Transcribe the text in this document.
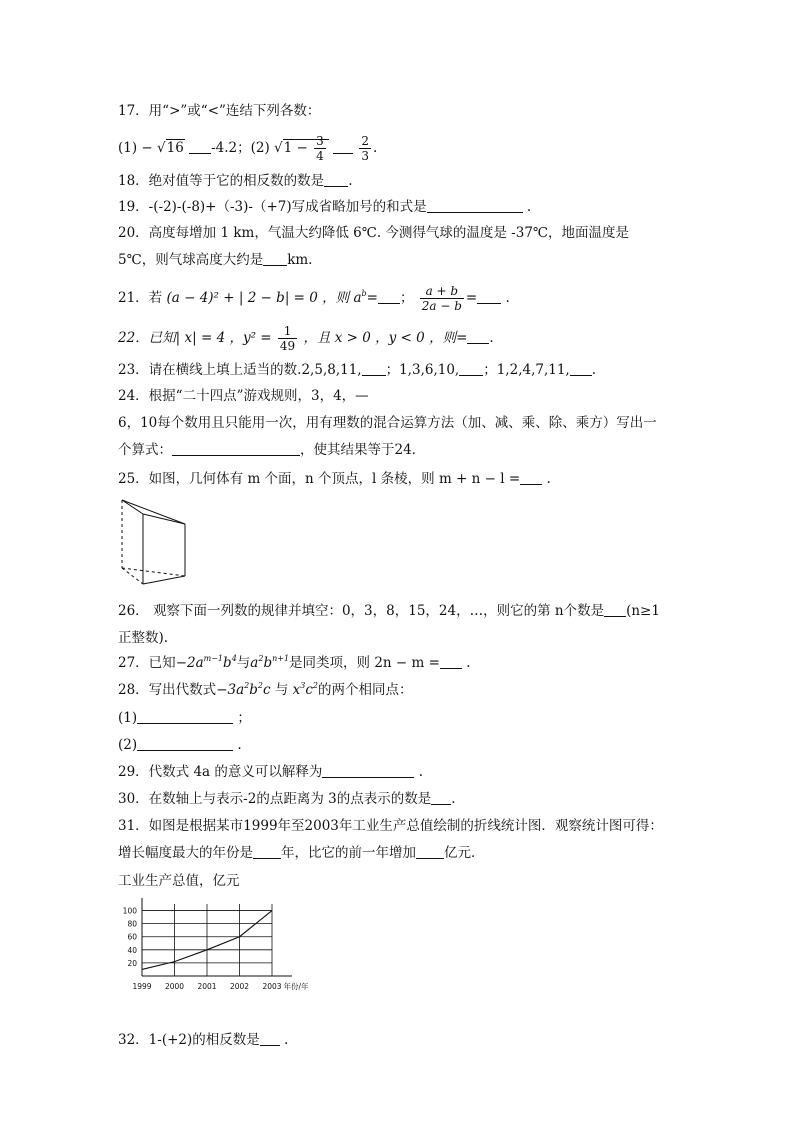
17．用“>”或“<”连结下列各数：
(1) − √16 -4.2；(2) $√1 - \frac{3}{4}$
	$\frac{2}{3}$ .
18．绝对值等于它的相反数的数是 .
19．-(-2)-(-8)+（-3)-（+7)写成省略加号的和式是	.
20．高度每增加 1 km，气温大约降低 6℃. 今测得气球的温度是 -37℃，地面温度是
5℃，则气球高度大约是 km.
21．若 (a − 4)² + | 2 − b| = 0 ，则 $a^b=$ ； $\frac{a + b}{2a - b}$ = .
22．已知| x| = 4 ，$y^2 = \frac{1}{49}$ ，且 x > 0 ，y < 0 ，则= .
23．请在横线上填上适当的数.2,5,8,11, ；1,3,6,10, ；1,2,4,7,11, .
24．根据“二十四点”游戏规则，3，4，—
6，10每个数用且只能用一次，用有理数的混合运算方法（加、减、乘、除、乘方）写出一
个算式：	，使其结果等于24．
25．如图，几何体有 m 个面，n 个顶点，l 条棱，则 m + n − l = .
26． 观察下面一列数的规律并填空：0，3，8，15，24，…，则它的第 n个数是 (n≥1
正整数).
27．已知$-2a^{m-1}b^4$与$a^2b^{n+1}$是同类项，则 2n − m = .
28．写出代数式$-3a^2b^2c$ 与 $x^3c^2$的两个相同点：
(1)	；
(2)	.
29．代数式 4a 的意义可以解释为	.
30．在数轴上与表示-2的点距离为 3的点表示的数是 .
31．如图是根据某市1999年至2003年工业生产总值绘制的折线统计图．观察统计图可得：
增长幅度最大的年份是 年，比它的前一年增加 亿元．
工业生产总值，亿元
20
40
60
80
100
1999 2000 2001 2002 2003 年份/年
32．1-(+2)的相反数是 .
